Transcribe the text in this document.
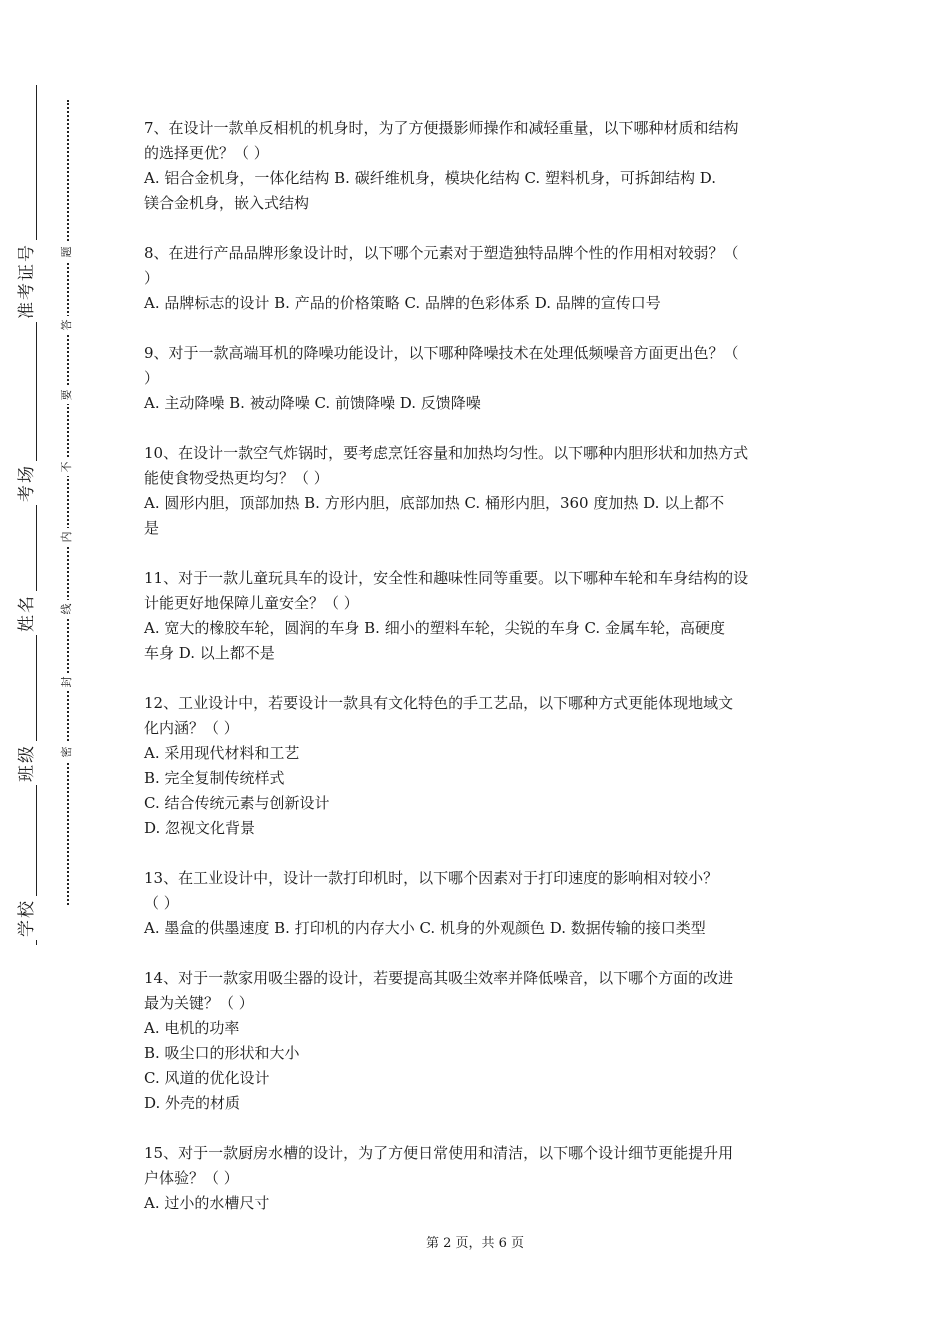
准考证号
考场
姓名
班级
学校
题
答
要
不
内
线
封
密

7、在设计一款单反相机的机身时，为了方便摄影师操作和减轻重量，以下哪种材质和结构

的选择更优？（ ）

A. 铝合金机身，一体化结构 B. 碳纤维机身，模块化结构 C. 塑料机身，可拆卸结构 D.

镁合金机身，嵌入式结构

8、在进行产品品牌形象设计时，以下哪个元素对于塑造独特品牌个性的作用相对较弱？（

）

A. 品牌标志的设计 B. 产品的价格策略 C. 品牌的色彩体系 D. 品牌的宣传口号

9、对于一款高端耳机的降噪功能设计，以下哪种降噪技术在处理低频噪音方面更出色？（

）

A. 主动降噪 B. 被动降噪 C. 前馈降噪 D. 反馈降噪

10、在设计一款空气炸锅时，要考虑烹饪容量和加热均匀性。以下哪种内胆形状和加热方式

能使食物受热更均匀？（ ）

A. 圆形内胆，顶部加热 B. 方形内胆，底部加热 C. 桶形内胆，360 度加热 D. 以上都不

是

11、对于一款儿童玩具车的设计，安全性和趣味性同等重要。以下哪种车轮和车身结构的设

计能更好地保障儿童安全？（ ）

A. 宽大的橡胶车轮，圆润的车身 B. 细小的塑料车轮，尖锐的车身 C. 金属车轮，高硬度

车身 D. 以上都不是

12、工业设计中，若要设计一款具有文化特色的手工艺品，以下哪种方式更能体现地域文

化内涵？（ ）

A. 采用现代材料和工艺

B. 完全复制传统样式

C. 结合传统元素与创新设计

D. 忽视文化背景

13、在工业设计中，设计一款打印机时，以下哪个因素对于打印速度的影响相对较小？

（ ）

A. 墨盒的供墨速度 B. 打印机的内存大小 C. 机身的外观颜色 D. 数据传输的接口类型

14、对于一款家用吸尘器的设计，若要提高其吸尘效率并降低噪音，以下哪个方面的改进

最为关键？（ ）

A. 电机的功率

B. 吸尘口的形状和大小

C. 风道的优化设计

D. 外壳的材质

15、对于一款厨房水槽的设计，为了方便日常使用和清洁，以下哪个设计细节更能提升用

户体验？（ ）

A. 过小的水槽尺寸

第 2 页，共 6 页
